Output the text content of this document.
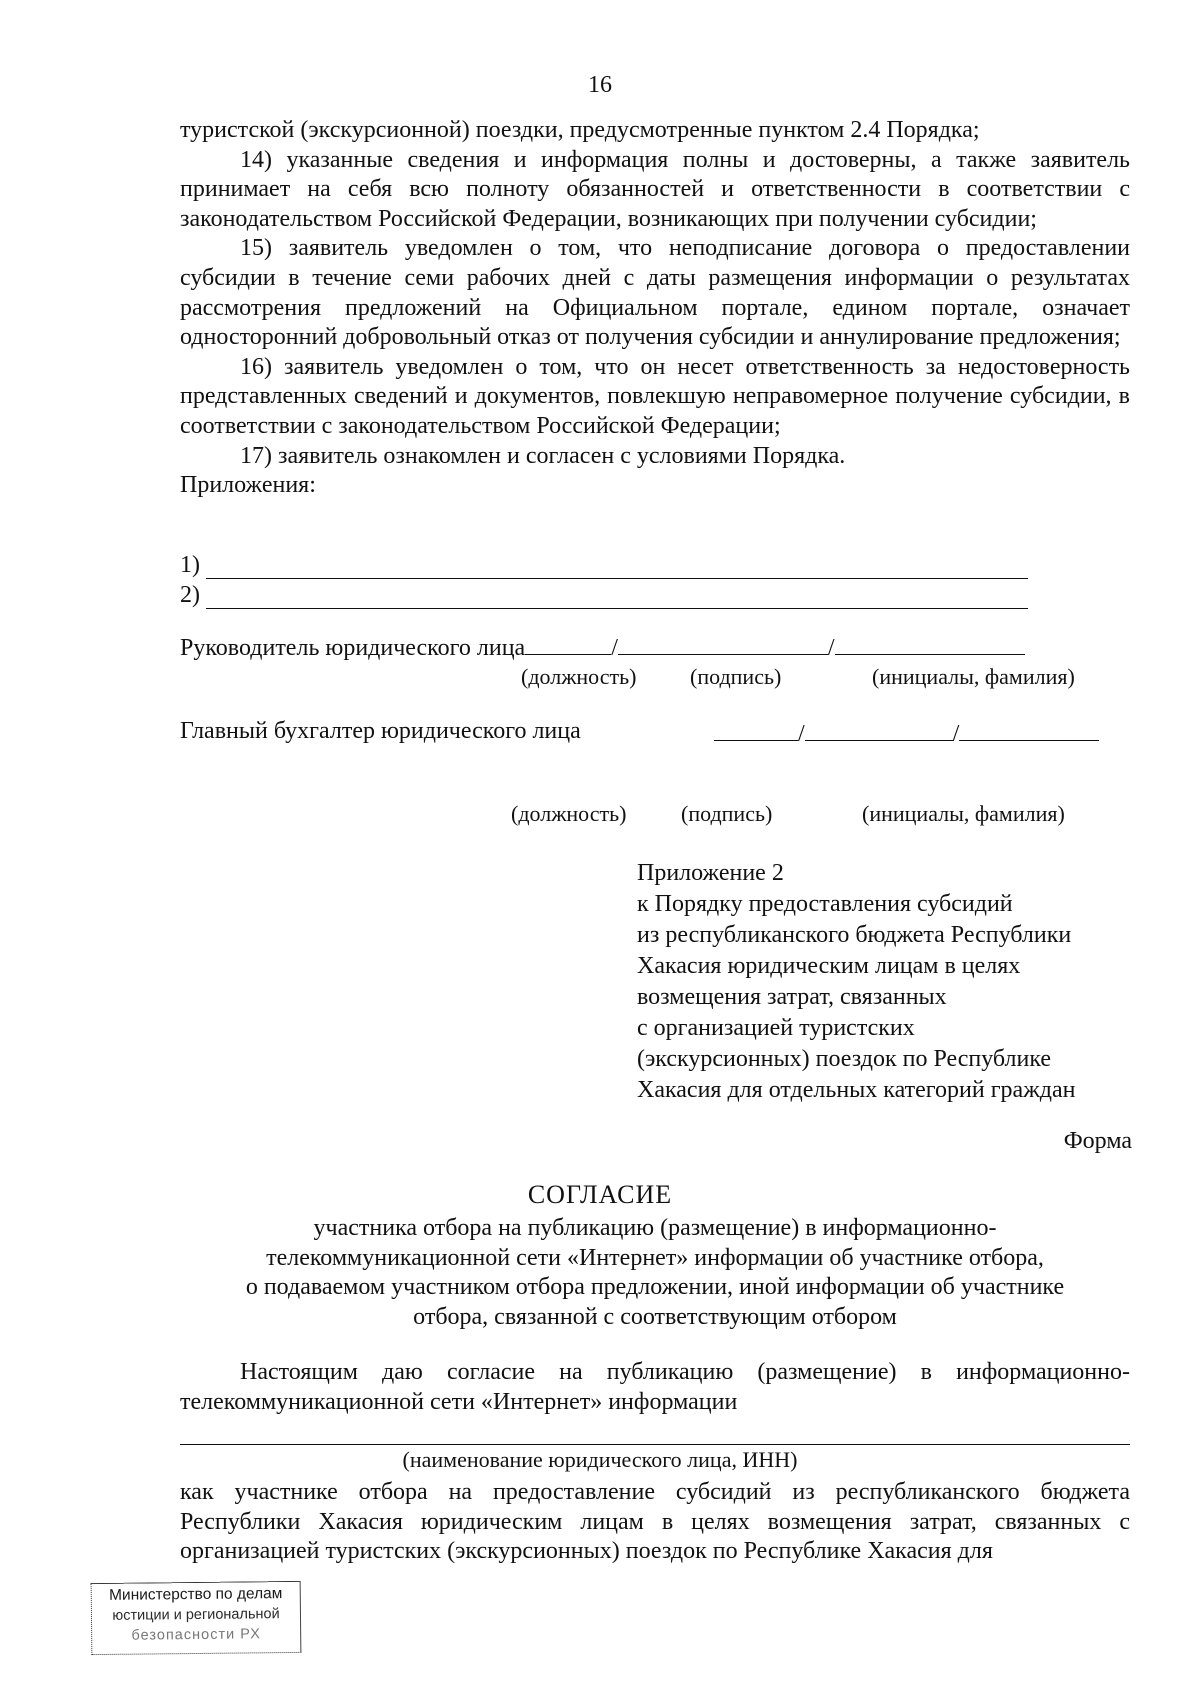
16

туристской (экскурсионной) поездки, предусмотренные пунктом 2.4 Порядка;

14) указанные сведения и информация полны и достоверны, а также заявитель принимает на себя всю полноту обязанностей и ответственности в соответствии с законодательством Российской Федерации, возникающих при получении субсидии;

15) заявитель уведомлен о том, что неподписание договора о предоставлении субсидии в течение семи рабочих дней с даты размещения информации о результатах рассмотрения предложений на Официальном портале, едином портале, означает односторонний добровольный отказ от получения субсидии и аннулирование предложения;

16) заявитель уведомлен о том, что он несет ответственность за недостоверность представленных сведений и документов, повлекшую неправомерное получение субсидии, в соответствии с законодательством Российской Федерации;

17) заявитель ознакомлен и согласен с условиями Порядка.

Приложения:

1)
2)
Руководитель юридического лица	/	/
(должность) (подпись)	(инициалы, фамилия)
Главный бухгалтер юридического лица	/	/
(должность) (подпись)	(инициалы, фамилия)
Приложение 2
к Порядку предоставления субсидий
из республиканского бюджета Республики
Хакасия юридическим лицам в целях
возмещения затрат, связанных
с организацией туристских
(экскурсионных) поездок по Республике
Хакасия для отдельных категорий граждан
Форма
СОГЛАСИЕ
участника отбора на публикацию (размещение) в информационно-
телекоммуникационной сети «Интернет» информации об участнике отбора,
о подаваемом участником отбора предложении, иной информации об участнике
отбора, связанной с соответствующим отбором

Настоящим даю согласие на публикацию (размещение) в информационно-телекоммуникационной сети «Интернет» информации

(наименование юридического лица, ИНН)

как участнике отбора на предоставление субсидий из республиканского бюджета Республики Хакасия юридическим лицам в целях возмещения затрат, связанных с организацией туристских (экскурсионных) поездок по Республике Хакасия для

Министерство по делам
юстиции и региональной
безопасности РХ
